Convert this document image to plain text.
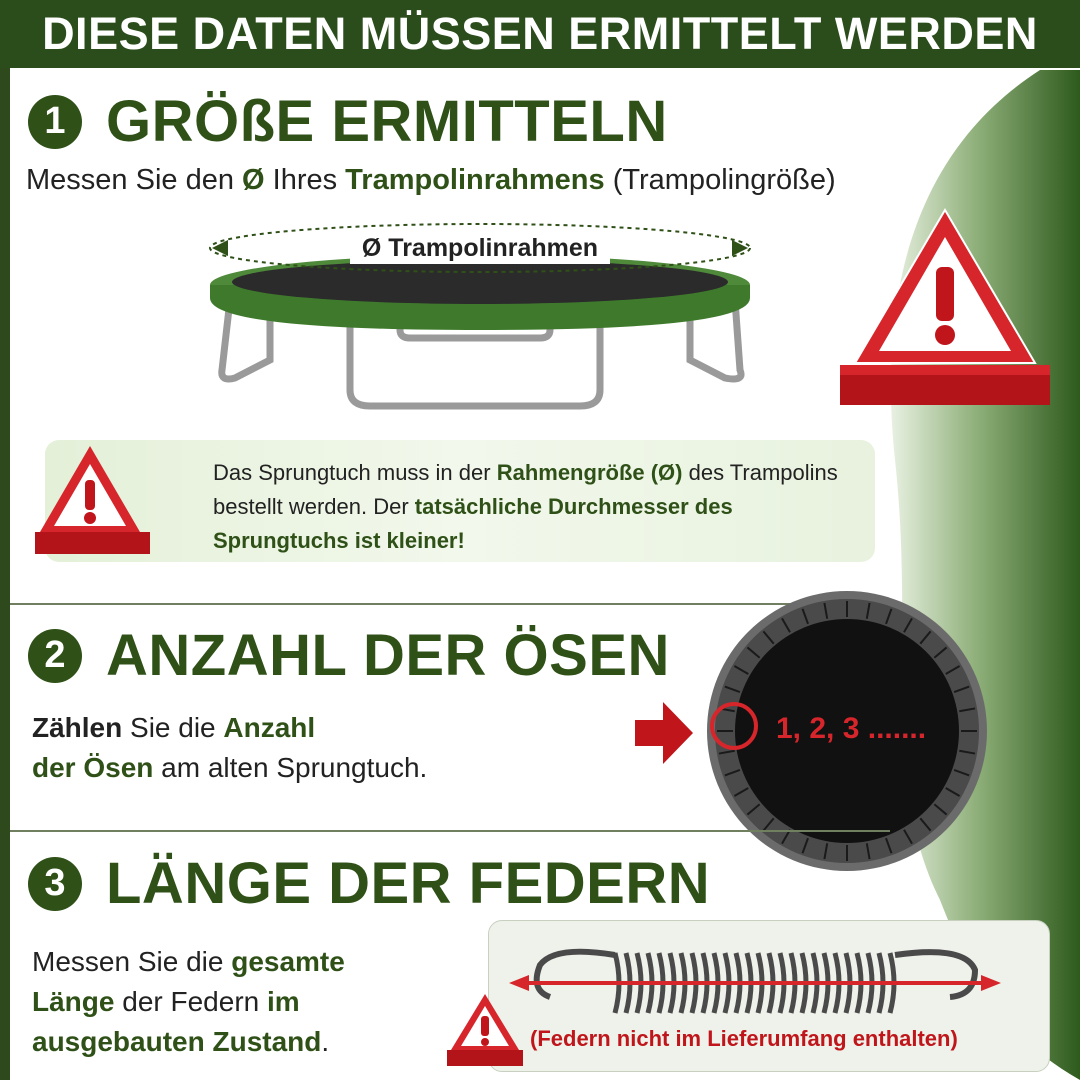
DIESE DATEN MÜSSEN ERMITTELT WERDEN
1 GRÖßE ERMITTELN
Messen Sie den Ø Ihres Trampolinrahmens (Trampolingröße)
Ø Trampolinrahmen
Das Sprungtuch muss in der Rahmengröße (Ø) des Trampolins bestellt werden. Der tatsächliche Durchmesser des Sprungtuchs ist kleiner!
2 ANZAHL DER ÖSEN
Zählen Sie die Anzahl
der Ösen am alten Sprungtuch.
1, 2, 3 .......
3 LÄNGE DER FEDERN
Messen Sie die gesamte
Länge der Federn im
ausgebauten Zustand.	(Federn nicht im Lieferumfang enthalten)
